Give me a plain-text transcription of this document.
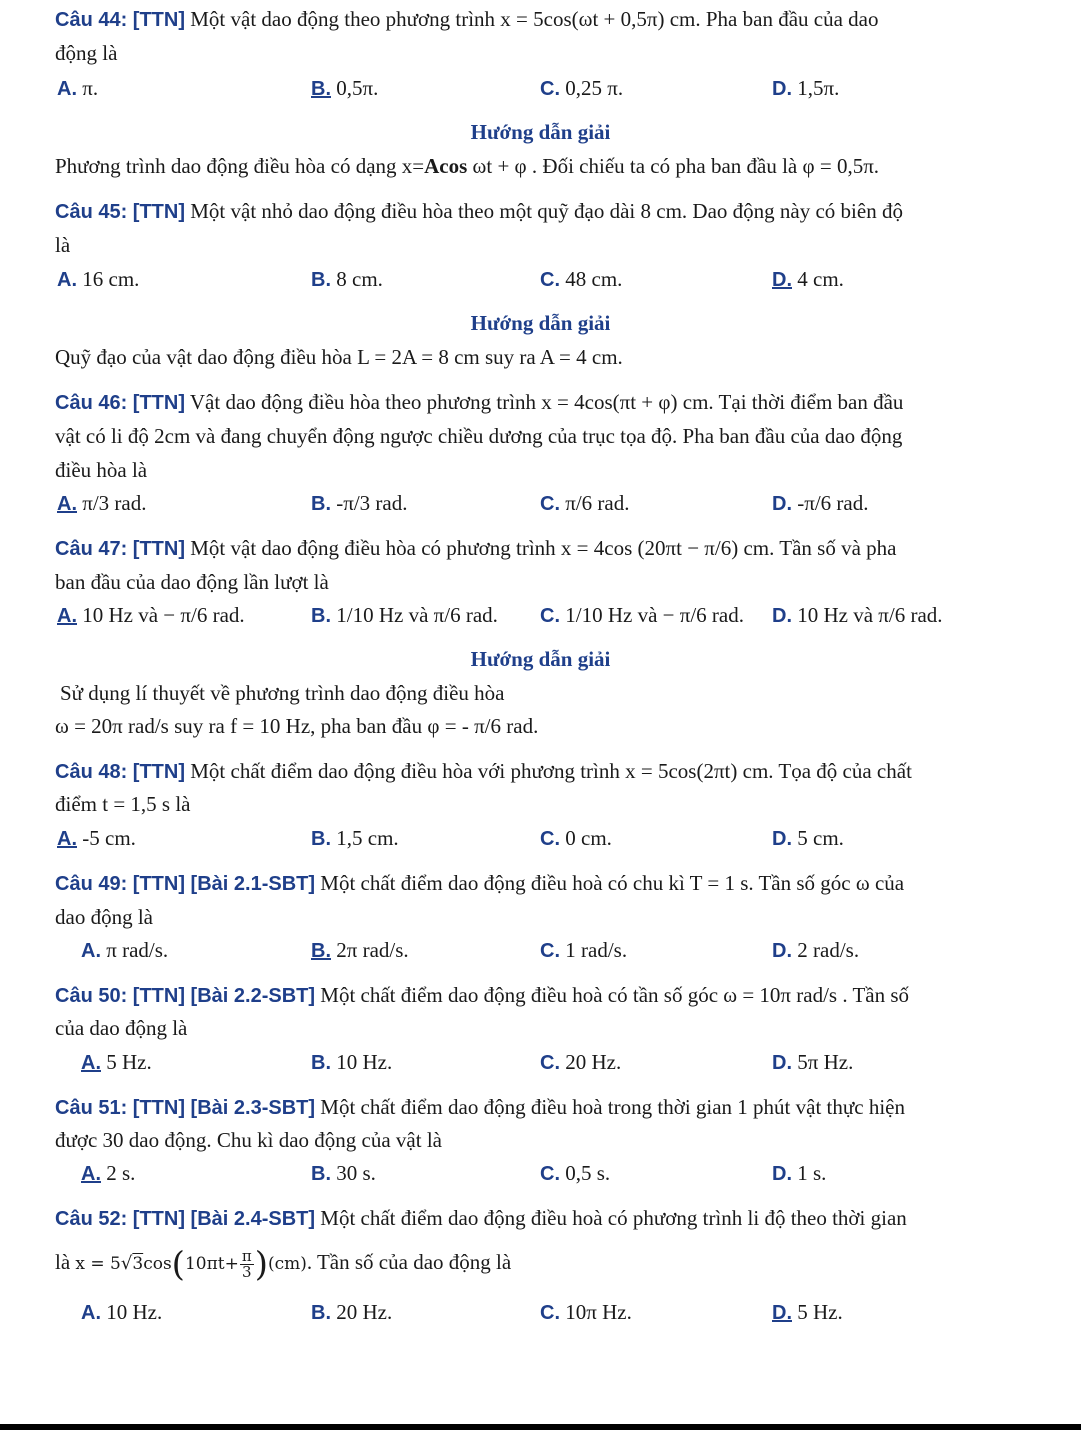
Câu 44: [TTN] Một vật dao động theo phương trình x = 5cos(ωt + 0,5π) cm. Pha ban đầu của dao
động là
A. π.	B. 0,5π.	C. 0,25 π.	D. 1,5π.
Hướng dẫn giải
Phương trình dao động điều hòa có dạng x=Acos ωt + φ . Đối chiếu ta có pha ban đầu là φ = 0,5π.
Câu 45: [TTN] Một vật nhỏ dao động điều hòa theo một quỹ đạo dài 8 cm. Dao động này có biên độ
là
A. 16 cm.	B. 8 cm.	C. 48 cm.	D. 4 cm.
Hướng dẫn giải
Quỹ đạo của vật dao động điều hòa L = 2A = 8 cm suy ra A = 4 cm.
Câu 46: [TTN] Vật dao động điều hòa theo phương trình x = 4cos(πt + φ) cm. Tại thời điểm ban đầu
vật có li độ 2cm và đang chuyển động ngược chiều dương của trục tọa độ. Pha ban đầu của dao động
điều hòa là
A. π/3 rad.	B. -π/3 rad.	C. π/6 rad.	D. -π/6 rad.
Câu 47: [TTN] Một vật dao động điều hòa có phương trình x = 4cos (20πt − π/6) cm. Tần số và pha
ban đầu của dao động lần lượt là
A. 10 Hz và − π/6 rad.	B. 1/10 Hz và π/6 rad. C. 1/10 Hz và − π/6 rad. D. 10 Hz và π/6 rad.
Hướng dẫn giải
Sử dụng lí thuyết về phương trình dao động điều hòa
ω = 20π rad/s suy ra f = 10 Hz, pha ban đầu φ = - π/6 rad.
Câu 48: [TTN] Một chất điểm dao động điều hòa với phương trình x = 5cos(2πt) cm. Tọa độ của chất
điểm t = 1,5 s là
A. -5 cm.	B. 1,5 cm.	C. 0 cm.	D. 5 cm.
Câu 49: [TTN] [Bài 2.1-SBT] Một chất điểm dao động điều hoà có chu kì T = 1 s. Tần số góc ω của
dao động là
A. π rad/s.	B. 2π rad/s.	C. 1 rad/s.	D. 2 rad/s.
Câu 50: [TTN] [Bài 2.2-SBT] Một chất điểm dao động điều hoà có tần số góc ω = 10π rad/s . Tần số
của dao động là
A. 5 Hz.	B. 10 Hz.	C. 20 Hz.	D. 5π Hz.
Câu 51: [TTN] [Bài 2.3-SBT] Một chất điểm dao động điều hoà trong thời gian 1 phút vật thực hiện
được 30 dao động. Chu kì dao động của vật là
A. 2 s.	B. 30 s.	C. 0,5 s.	D. 1 s.
Câu 52: [TTN] [Bài 2.4-SBT] Một chất điểm dao động điều hoà có phương trình li độ theo thời gian
là $x = 5√3\cos(10\pi t+ \frac{\pi}{3} )(cm)$. Tần số của dao động là
A. 10 Hz.	B. 20 Hz.	C. 10π Hz.	D. 5 Hz.
